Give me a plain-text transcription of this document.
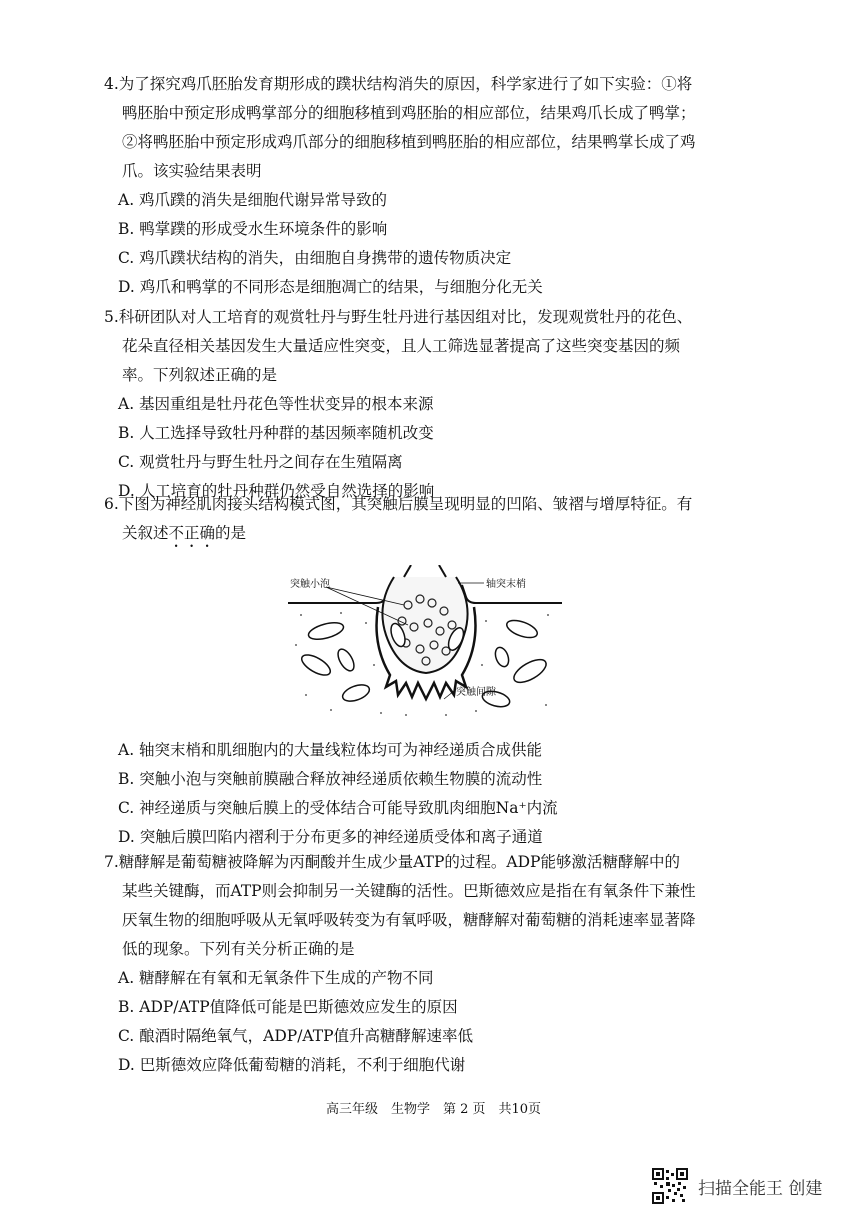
4.为了探究鸡爪胚胎发育期形成的蹼状结构消失的原因，科学家进行了如下实验：①将
鸭胚胎中预定形成鸭掌部分的细胞移植到鸡胚胎的相应部位，结果鸡爪长成了鸭掌；
②将鸭胚胎中预定形成鸡爪部分的细胞移植到鸭胚胎的相应部位，结果鸭掌长成了鸡
爪。该实验结果表明
A. 鸡爪蹼的消失是细胞代谢异常导致的
B. 鸭掌蹼的形成受水生环境条件的影响
C. 鸡爪蹼状结构的消失，由细胞自身携带的遗传物质决定
D. 鸡爪和鸭掌的不同形态是细胞凋亡的结果，与细胞分化无关
5.科研团队对人工培育的观赏牡丹与野生牡丹进行基因组对比，发现观赏牡丹的花色、
花朵直径相关基因发生大量适应性突变，且人工筛选显著提高了这些突变基因的频
率。下列叙述正确的是
A. 基因重组是牡丹花色等性状变异的根本来源
B. 人工选择导致牡丹种群的基因频率随机改变
C. 观赏牡丹与野生牡丹之间存在生殖隔离
D. 人工培育的牡丹种群仍然受自然选择的影响
6.下图为神经肌肉接头结构模式图，其突触后膜呈现明显的凹陷、皱褶与增厚特征。有
关叙述不正确的是
突触小泡	轴突末梢
突触间隙
A. 轴突末梢和肌细胞内的大量线粒体均可为神经递质合成供能
B. 突触小泡与突触前膜融合释放神经递质依赖生物膜的流动性
C. 神经递质与突触后膜上的受体结合可能导致肌肉细胞Na⁺内流
D. 突触后膜凹陷内褶利于分布更多的神经递质受体和离子通道
7.糖酵解是葡萄糖被降解为丙酮酸并生成少量ATP的过程。ADP能够激活糖酵解中的
某些关键酶，而ATP则会抑制另一关键酶的活性。巴斯德效应是指在有氧条件下兼性
厌氧生物的细胞呼吸从无氧呼吸转变为有氧呼吸，糖酵解对葡萄糖的消耗速率显著降
低的现象。下列有关分析正确的是
A. 糖酵解在有氧和无氧条件下生成的产物不同
B. ADP/ATP值降低可能是巴斯德效应发生的原因
C. 酿酒时隔绝氧气，ADP/ATP值升高糖酵解速率低
D. 巴斯德效应降低葡萄糖的消耗，不利于细胞代谢
高三年级　生物学　第 2 页　共10页
扫描全能王 创建
